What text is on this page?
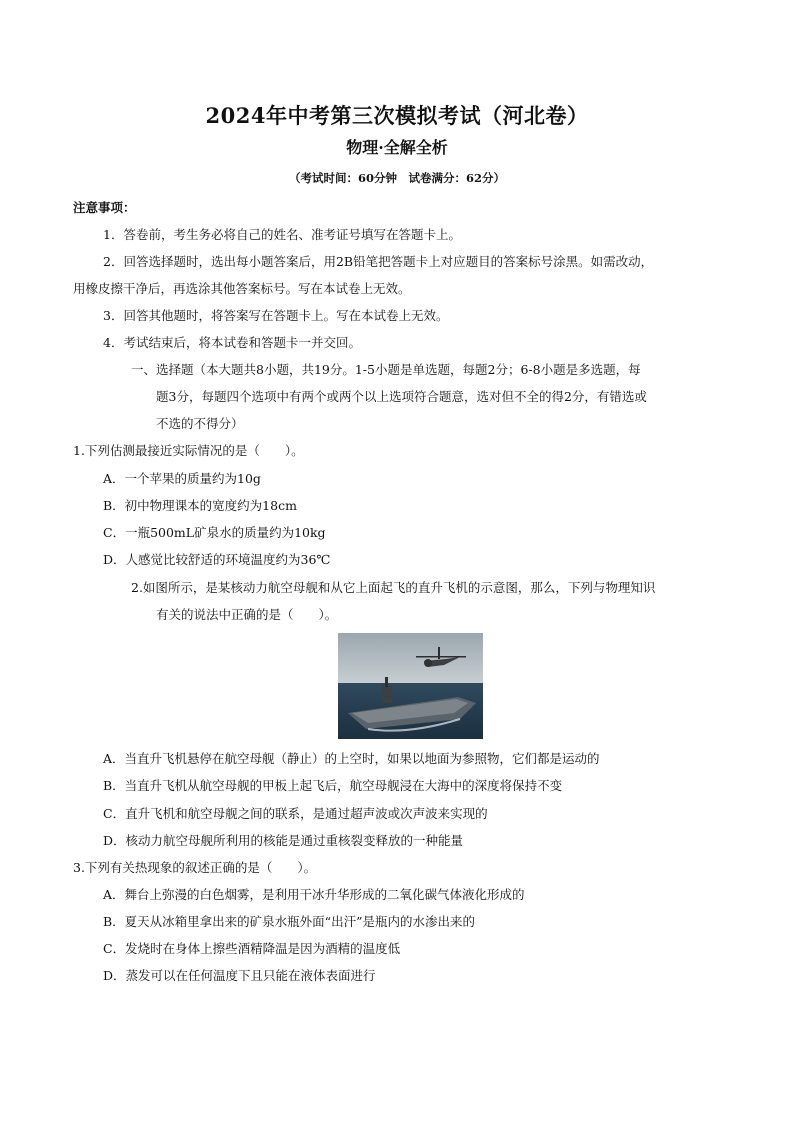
2024年中考第三次模拟考试（河北卷）
物理·全解全析
（考试时间：60分钟　试卷满分：62分）
注意事项：
1．答卷前，考生务必将自己的姓名、准考证号填写在答题卡上。
2．回答选择题时，选出每小题答案后，用2B铅笔把答题卡上对应题目的答案标号涂黑。如需改动，
用橡皮擦干净后，再选涂其他答案标号。写在本试卷上无效。
3．回答其他题时，将答案写在答题卡上。写在本试卷上无效。
4．考试结束后，将本试卷和答题卡一并交回。
一、选择题（本大题共8小题，共19分。1-5小题是单选题，每题2分；6-8小题是多选题，每
题3分，每题四个选项中有两个或两个以上选项符合题意，选对但不全的得2分，有错选或
不选的不得分）
1.下列估测最接近实际情况的是（　　）。
A．一个苹果的质量约为10g
B．初中物理课本的宽度约为18cm
C．一瓶500mL矿泉水的质量约为10kg
D．人感觉比较舒适的环境温度约为36℃
2.如图所示，是某核动力航空母舰和从它上面起飞的直升飞机的示意图，那么，下列与物理知识
有关的说法中正确的是（　　）。
A．当直升飞机悬停在航空母舰（静止）的上空时，如果以地面为参照物，它们都是运动的
B．当直升飞机从航空母舰的甲板上起飞后，航空母舰浸在大海中的深度将保持不变
C．直升飞机和航空母舰之间的联系，是通过超声波或次声波来实现的
D．核动力航空母舰所利用的核能是通过重核裂变释放的一种能量
3.下列有关热现象的叙述正确的是（　　）。
A．舞台上弥漫的白色烟雾，是利用干冰升华形成的二氧化碳气体液化形成的
B．夏天从冰箱里拿出来的矿泉水瓶外面“出汗”是瓶内的水渗出来的
C．发烧时在身体上擦些酒精降温是因为酒精的温度低
D．蒸发可以在任何温度下且只能在液体表面进行
